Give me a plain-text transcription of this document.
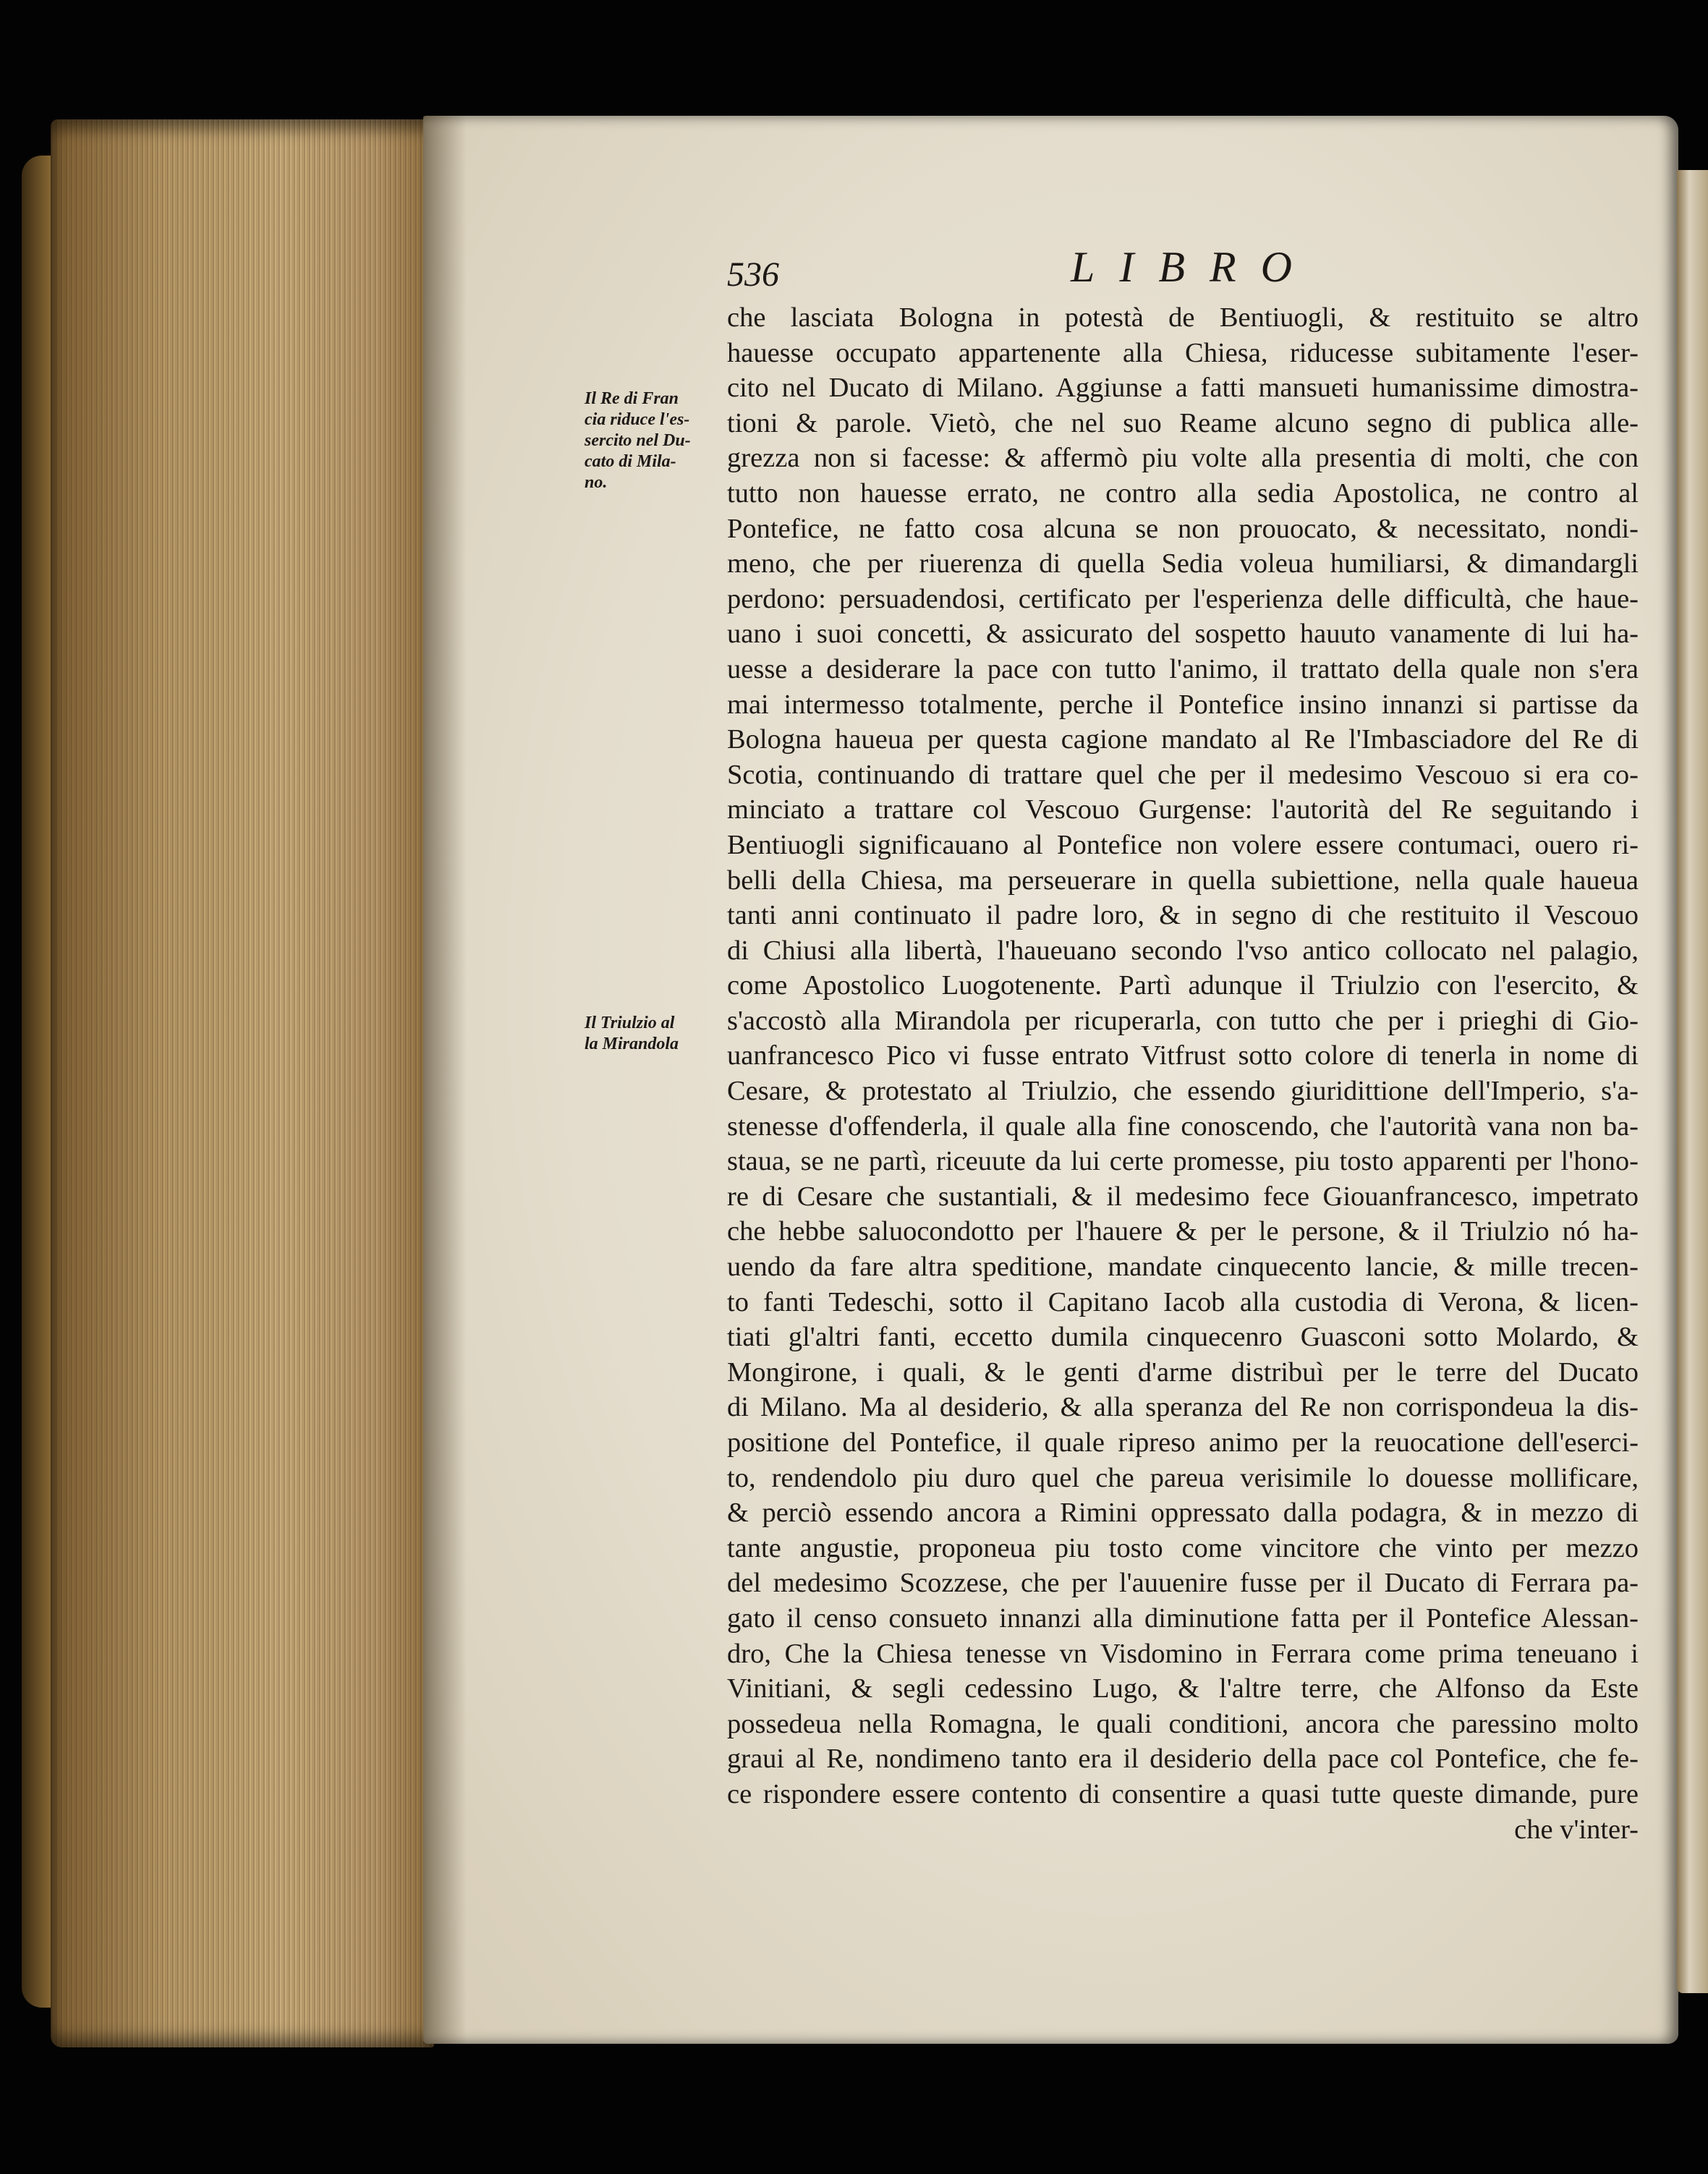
536	LIBRO
Il Re di Fran
cia riduce l'es-
sercito nel Du-
cato di Mila-
no.
Il Triulzio al
la Mirandola
che lasciata Bologna in potestà de Bentiuogli, & restituito se altro
hauesse occupato appartenente alla Chiesa, riducesse subitamente l'eser-
cito nel Ducato di Milano. Aggiunse a fatti mansueti humanissime dimostra-
tioni & parole. Vietò, che nel suo Reame alcuno segno di publica alle-
grezza non si facesse: & affermò piu volte alla presentia di molti, che con
tutto non hauesse errato, ne contro alla sedia Apostolica, ne contro al
Pontefice, ne fatto cosa alcuna se non prouocato, & necessitato, nondi-
meno, che per riuerenza di quella Sedia voleua humiliarsi, & dimandargli
perdono: persuadendosi, certificato per l'esperienza delle difficultà, che haue-
uano i suoi concetti, & assicurato del sospetto hauuto vanamente di lui ha-
uesse a desiderare la pace con tutto l'animo, il trattato della quale non s'era
mai intermesso totalmente, perche il Pontefice insino innanzi si partisse da
Bologna haueua per questa cagione mandato al Re l'Imbasciadore del Re di
Scotia, continuando di trattare quel che per il medesimo Vescouo si era co-
minciato a trattare col Vescouo Gurgense: l'autorità del Re seguitando i
Bentiuogli significauano al Pontefice non volere essere contumaci, ouero ri-
belli della Chiesa, ma perseuerare in quella subiettione, nella quale haueua
tanti anni continuato il padre loro, & in segno di che restituito il Vescouo
di Chiusi alla libertà, l'haueuano secondo l'vso antico collocato nel palagio,
come Apostolico Luogotenente. Partì adunque il Triulzio con l'esercito, &
s'accostò alla Mirandola per ricuperarla, con tutto che per i prieghi di Gio-
uanfrancesco Pico vi fusse entrato Vitfrust sotto colore di tenerla in nome di
Cesare, & protestato al Triulzio, che essendo giuridittione dell'Imperio, s'a-
stenesse d'offenderla, il quale alla fine conoscendo, che l'autorità vana non ba-
staua, se ne partì, riceuute da lui certe promesse, piu tosto apparenti per l'hono-
re di Cesare che sustantiali, & il medesimo fece Giouanfrancesco, impetrato
che hebbe saluocondotto per l'hauere & per le persone, & il Triulzio nó ha-
uendo da fare altra speditione, mandate cinquecento lancie, & mille trecen-
to fanti Tedeschi, sotto il Capitano Iacob alla custodia di Verona, & licen-
tiati gl'altri fanti, eccetto dumila cinquecenro Guasconi sotto Molardo, &
Mongirone, i quali, & le genti d'arme distribuì per le terre del Ducato
di Milano. Ma al desiderio, & alla speranza del Re non corrispondeua la dis-
positione del Pontefice, il quale ripreso animo per la reuocatione dell'eserci-
to, rendendolo piu duro quel che pareua verisimile lo douesse mollificare,
& perciò essendo ancora a Rimini oppressato dalla podagra, & in mezzo di
tante angustie, proponeua piu tosto come vincitore che vinto per mezzo
del medesimo Scozzese, che per l'auuenire fusse per il Ducato di Ferrara pa-
gato il censo consueto innanzi alla diminutione fatta per il Pontefice Alessan-
dro, Che la Chiesa tenesse vn Visdomino in Ferrara come prima teneuano i
Vinitiani, & segli cedessino Lugo, & l'altre terre, che Alfonso da Este
possedeua nella Romagna, le quali conditioni, ancora che paressino molto
graui al Re, nondimeno tanto era il desiderio della pace col Pontefice, che fe-
ce rispondere essere contento di consentire a quasi tutte queste dimande, pure
che v'inter-
